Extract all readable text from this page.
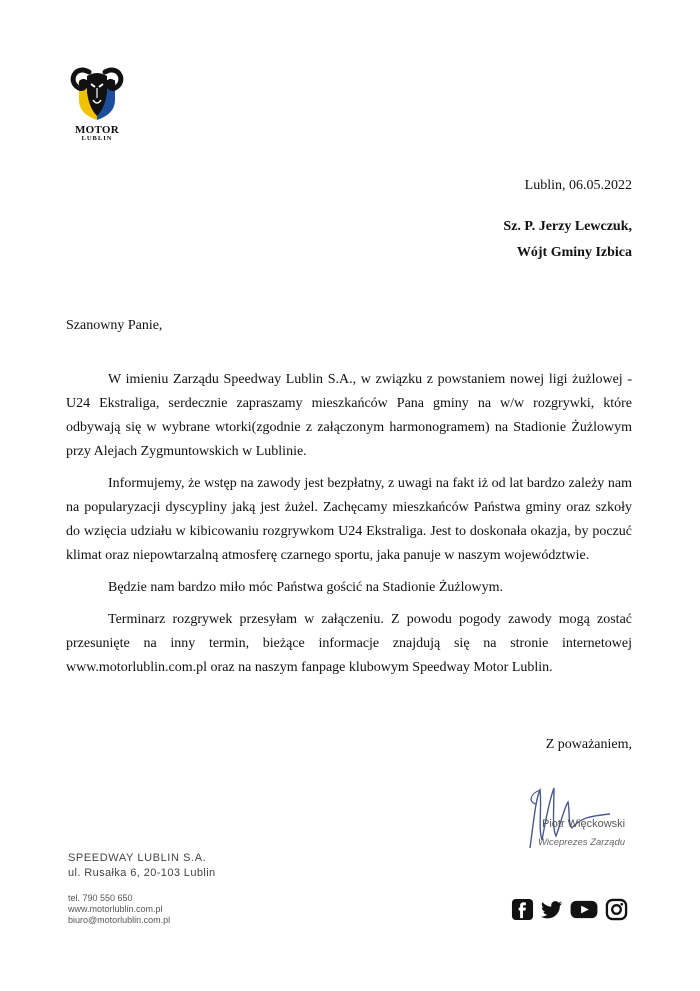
MOTOR
LUBLIN
Lublin, 06.05.2022
Sz. P. Jerzy Lewczuk,
Wójt Gminy Izbica
Szanowny Panie,

W imieniu Zarządu Speedway Lublin S.A., w związku z powstaniem nowej ligi żużlowej - U24 Ekstraliga, serdecznie zapraszamy mieszkańców Pana gminy na w/w rozgrywki, które odbywają się w wybrane wtorki(zgodnie z załączonym harmonogramem) na Stadionie Żużlowym przy Alejach Zygmuntowskich w Lublinie.

Informujemy, że wstęp na zawody jest bezpłatny, z uwagi na fakt iż od lat bardzo zależy nam na popularyzacji dyscypliny jaką jest żużel. Zachęcamy mieszkańców Państwa gminy oraz szkoły do wzięcia udziału w kibicowaniu rozgrywkom U24 Ekstraliga. Jest to doskonała okazja, by poczuć klimat oraz niepowtarzalną atmosferę czarnego sportu, jaka panuje w naszym województwie.

Będzie nam bardzo miło móc Państwa gościć na Stadionie Żużlowym.

Terminarz rozgrywek przesyłam w załączeniu. Z powodu pogody zawody mogą zostać przesunięte na inny termin, bieżące informacje znajdują się na stronie internetowej www.motorlublin.com.pl oraz na naszym fanpage klubowym Speedway Motor Lublin.

Z poważaniem,
Piotr Więckowski
Wiceprezes Zarządu
SPEEDWAY LUBLIN S.A.
ul. Rusałka 6, 20-103 Lublin
tel. 790 550 650
www.motorlublin.com.pl
biuro@motorlublin.com.pl
